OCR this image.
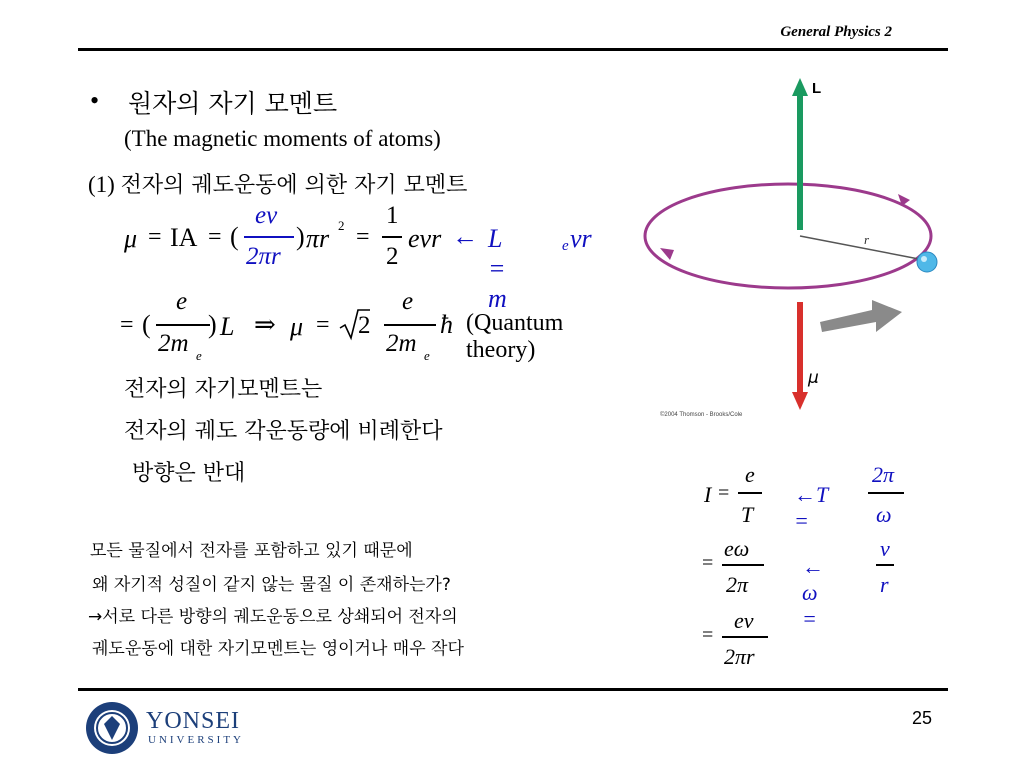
General Physics 2
• 원자의 자기 모멘트
(The magnetic moments of atoms)
(1) 전자의 궤도운동에 의한 자기 모멘트
μ = IA = (
ev
2πr
) πr 2 =
1
2
evr ← L = m
e vr
= (
e
2m e
) L ⇒ μ = 2
e
2m e
ħ (Quantum theory)
전자의 자기모멘트는
전자의 궤도 각운동량에 비례한다
방향은 반대
모든 물질에서 전자를 포함하고 있기 때문에
왜 자기적 성질이 같지 않는 물질 이 존재하는가?
→서로 다른 방향의 궤도운동으로 상쇄되어 전자의
궤도운동에 대한 자기모멘트는 영이거나 매우 작다
I =
e
T
←T =
2π
ω
=
eω
2π
← ω =
v
r
=
ev
2πr
L
μ
r
©2004 Thomson - Brooks/Cole
YONSEI
UNIVERSITY
25
